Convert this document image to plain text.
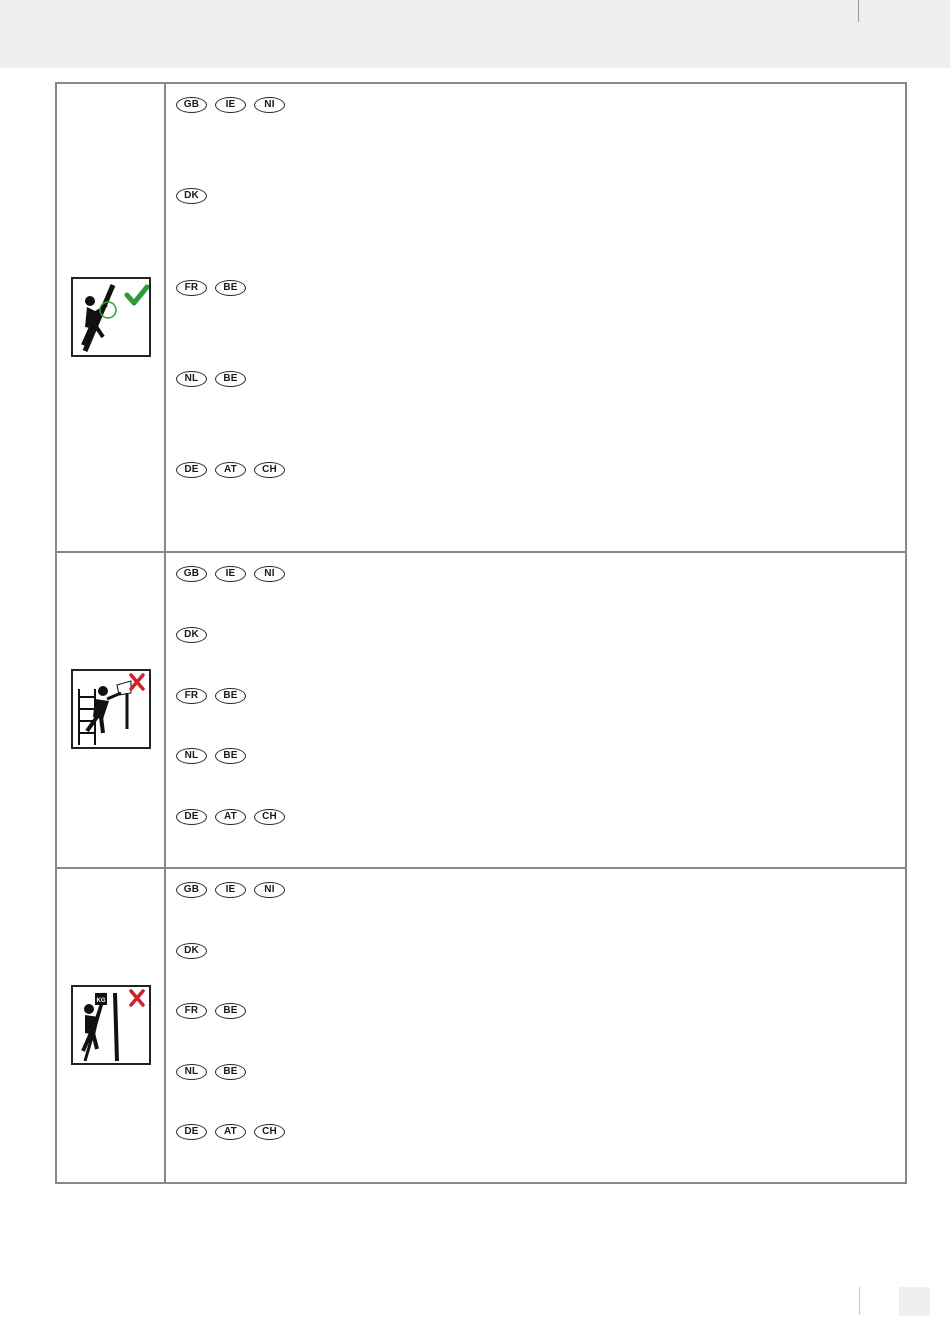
GB	IE	NI
DK
FR	BE
NL	BE
DE	AT	CH
GB	IE	NI
DK
FR	BE
NL	BE
DE	AT	CH
KG
GB	IE	NI
DK
FR	BE
NL	BE
DE	AT	CH
